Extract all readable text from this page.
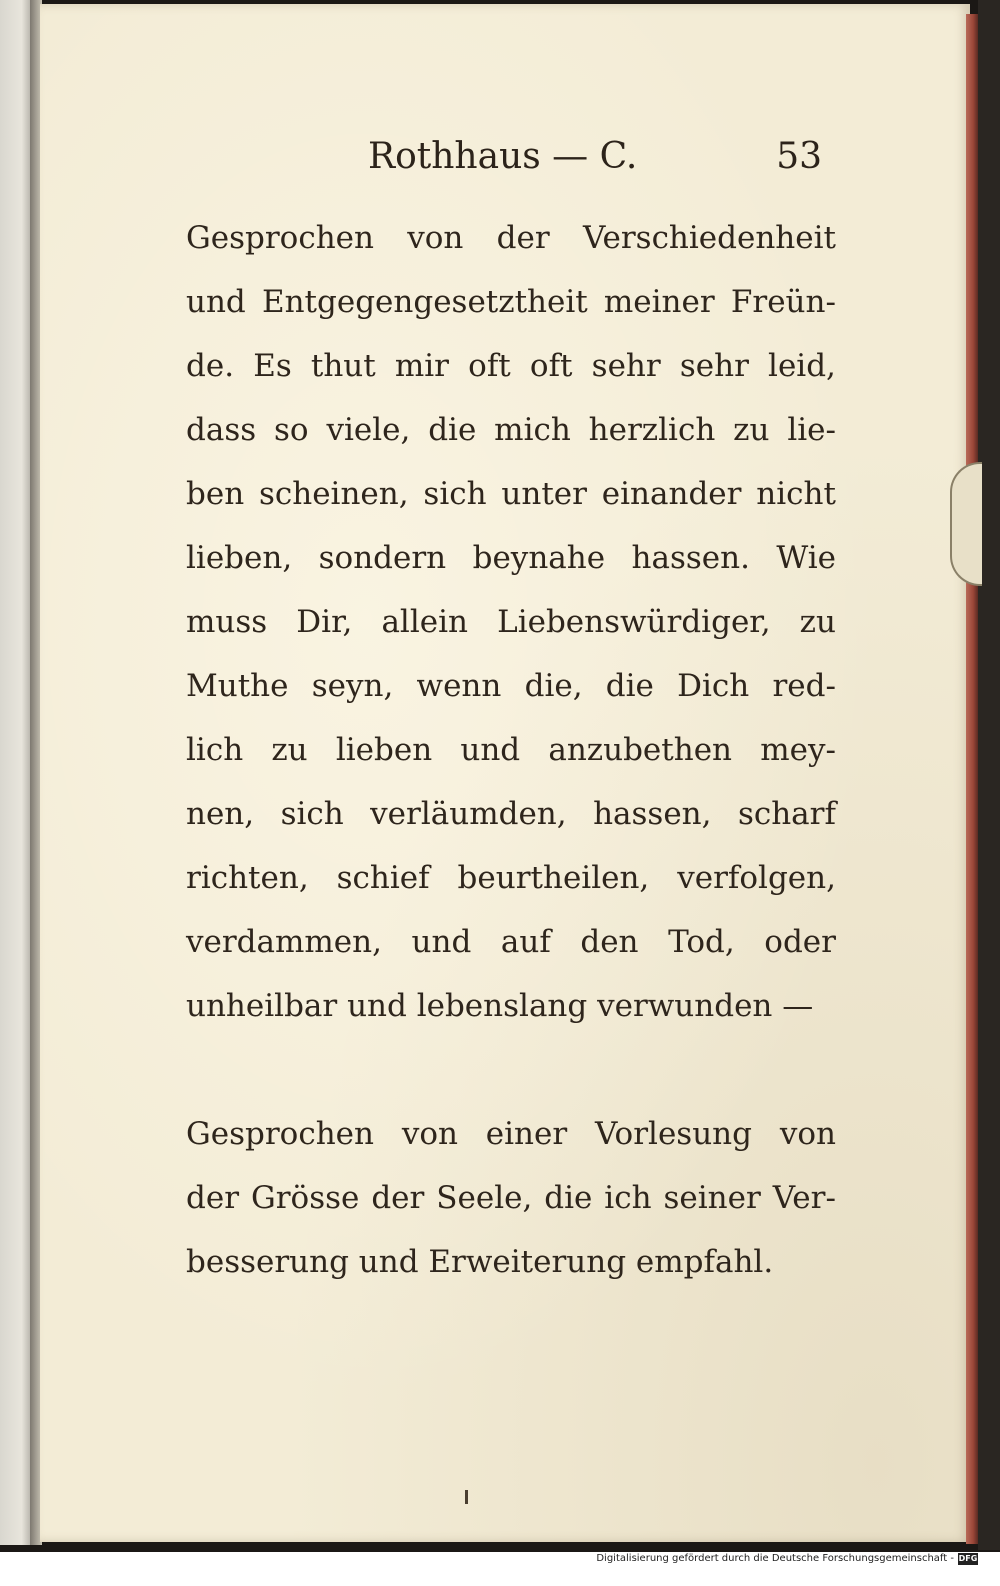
Rothhaus — C.	53
Gesprochen von der Verschiedenheit
und Entgegengesetztheit meiner Freün-
de. Es thut mir oft oft sehr sehr leid,
dass so viele, die mich herzlich zu lie-
ben scheinen, sich unter einander nicht
lieben, sondern beynahe hassen. Wie
muss Dir, allein Liebenswürdiger, zu
Muthe seyn, wenn die, die Dich red-
lich zu lieben und anzubethen mey-
nen, sich verläumden, hassen, scharf
richten, schief beurtheilen, verfolgen,
verdammen, und auf den Tod, oder
unheilbar und lebenslang verwunden —
Gesprochen von einer Vorlesung von
der Grösse der Seele, die ich seiner Ver-
besserung und Erweiterung empfahl.
Digitalisierung gefördert durch die Deutsche Forschungsgemeinschaft - DFG
